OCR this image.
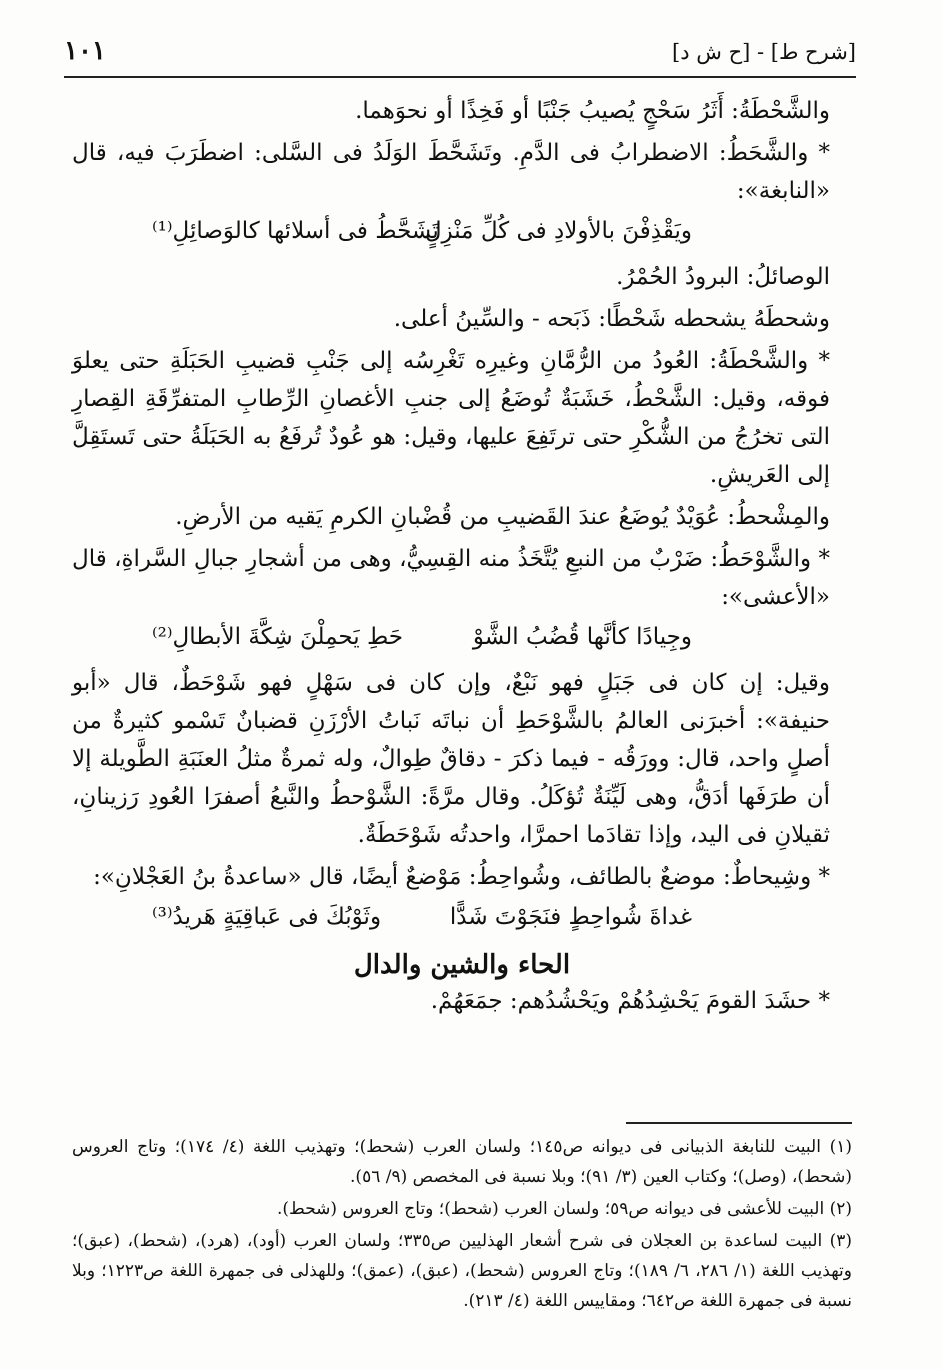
[شرح ط] - [ح ش د]
١٠١

والشَّحْطَةُ: أَثَرُ سَحْجٍ يُصيبُ جَنْبًا أو فَخِذًا أو نحوَهما.

* والشَّحَطُ: الاضطرابُ فى الدَّمِ. وتَشَحَّطَ الوَلَدُ فى السَّلى: اضطَرَبَ فيه، قال «النابغة»:

ويَقْذِفْنَ بالأولادِ فى كُلِّ مَنْزِلٍ
تَشَحَّطُ فى أسلائها كالوَصائِلِ⁽¹⁾

الوصائلُ: البرودُ الحُمْرُ.

وشحطَهُ يشحطه شَحْطًا: ذَبَحه - والسِّينُ أعلى.

* والشَّحْطَةُ: العُودُ من الرُّمَّانِ وغيرِه تَغْرِسُه إلى جَنْبِ قضيبِ الحَبَلَةِ حتى يعلوَ فوقه، وقيل: الشَّحْطُ، خَشَبَةٌ تُوضَعُ إلى جنبِ الأغصانِ الرِّطابِ المتفرِّقَةِ القِصارِ التى تخرُجُ من الشُّكْرِ حتى ترتَفِعَ عليها، وقيل: هو عُودٌ تُرفَعُ به الحَبَلَةُ حتى تَستَقِلَّ إلى العَريشِ.

والمِشْحطُ: عُوَيْدٌ يُوضَعُ عندَ القَضيبِ من قُضْبانِ الكرمِ يَقيه من الأرضِ.

* والشَّوْحَطُ: ضَرْبٌ من النبعِ يُتَّخَذُ منه القِسِيُّ، وهى من أشجارِ جبالِ السَّراةِ، قال «الأعشى»:

وجِيادًا كأنَّها قُضُبُ الشَّوْ
حَطِ يَحمِلْنَ شِكَّةَ الأبطالِ⁽²⁾

وقيل: إن كان فى جَبَلٍ فهو نَبْعٌ، وإن كان فى سَهْلٍ فهو شَوْحَطٌ، قال «أبو حنيفة»: أخبرَنى العالمُ بالشَّوْحَطِ أن نباتَه نَباتُ الأرْزَنِ قضبانٌ تَسْمو كثيرةٌ من أصلٍ واحد، قال: وورَقُه - فيما ذكرَ - دقاقٌ طِوالٌ، وله ثمرةٌ مثلُ العنَبَةِ الطَّويلة إلا أن طرَفَها أدَقُّ، وهى لَيِّنَةٌ تُؤكَلُ. وقال مرَّةً: الشَّوْحطُ والنَّبعُ أصفرَا العُودِ رَزينانِ، ثقيلانِ فى اليد، وإذا تقادَما احمرَّا، واحدتُه شَوْحَطَةٌ.

* وشِيحاطٌ: موضعٌ بالطائف، وشُواحِطُ: مَوْضعٌ أيضًا، قال «ساعدةُ بنُ العَجْلانِ»:

غداةَ شُواحِطٍ فنَجَوْتَ شَدًّا
وثَوْبُكَ فى عَباقِيَةٍ هَريدُ⁽³⁾
الحاء والشين والدال

* حشَدَ القومَ يَحْشِدُهُمْ ويَحْشُدُهم: جمَعَهُمْ.

(١) البيت للنابغة الذبيانى فى ديوانه ص١٤٥؛ ولسان العرب (شحط)؛ وتهذيب اللغة (٤/ ١٧٤)؛ وتاج العروس (شحط)، (وصل)؛ وكتاب العين (٣/ ٩١)؛ وبلا نسبة فى المخصص (٩/ ٥٦).

(٢) البيت للأعشى فى ديوانه ص٥٩؛ ولسان العرب (شحط)؛ وتاج العروس (شحط).

(٣) البيت لساعدة بن العجلان فى شرح أشعار الهذليين ص٣٣٥؛ ولسان العرب (أود)، (هرد)، (شحط)، (عبق)؛ وتهذيب اللغة (١/ ٢٨٦، ٦/ ١٨٩)؛ وتاج العروس (شحط)، (عبق)، (عمق)؛ وللهذلى فى جمهرة اللغة ص١٢٢٣؛ وبلا نسبة فى جمهرة اللغة ص٦٤٢؛ ومقاييس اللغة (٤/ ٢١٣).
